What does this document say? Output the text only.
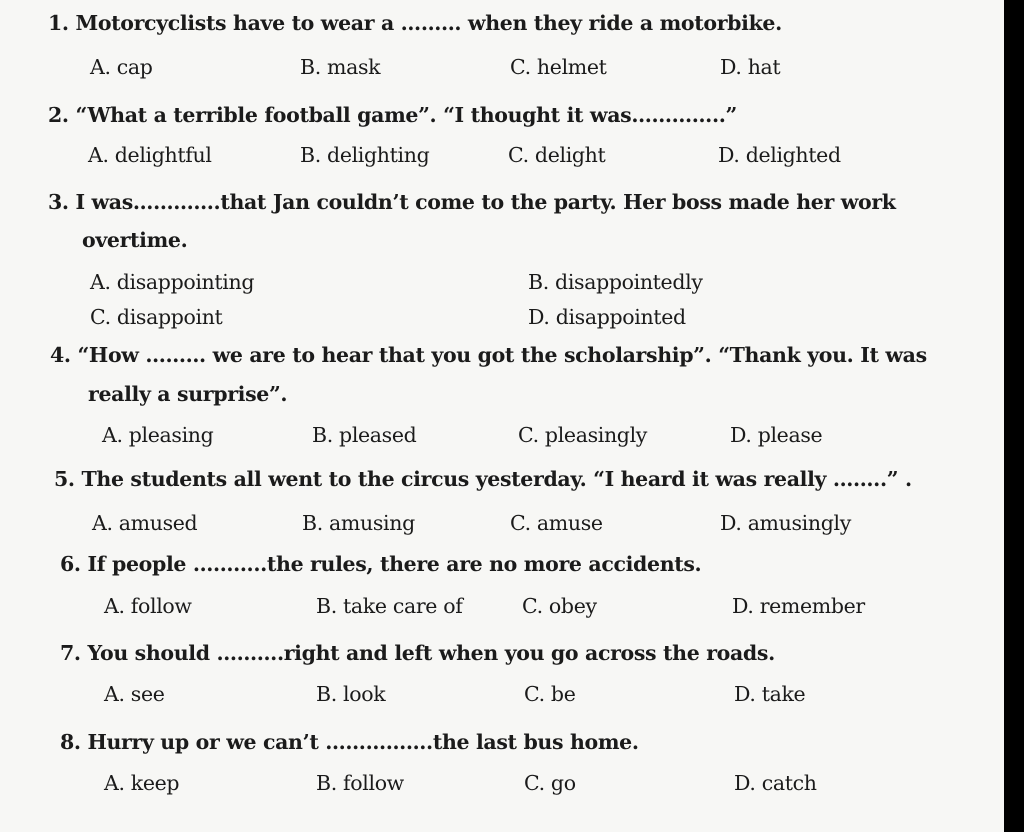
1. Motorcyclists have to wear a ……… when they ride a motorbike.
A. cap	B. mask	C. helmet	D. hat
2. “What a terrible football game”. “I thought it was…………..”
A. delightful	B. delighting	C. delight	D. delighted
3. I was………….that Jan couldn’t come to the party. Her boss made her work
overtime.
A. disappointing	B. disappointedly
C. disappoint	D. disappointed
4. “How ……… we are to hear that you got the scholarship”. “Thank you. It was
really a surprise”.
A. pleasing	B. pleased	C. pleasingly	D. please
5. The students all went to the circus yesterday. “I heard it was really ……..” .
A. amused	B. amusing	C. amuse	D. amusingly
6. If people ………..the rules, there are no more accidents.
A. follow	B. take care of	C. obey	D. remember
7. You should ……….right and left when you go across the roads.
A. see	B. look	C. be	D. take
8. Hurry up or we can’t …………….the last bus home.
A. keep	B. follow	C. go	D. catch
